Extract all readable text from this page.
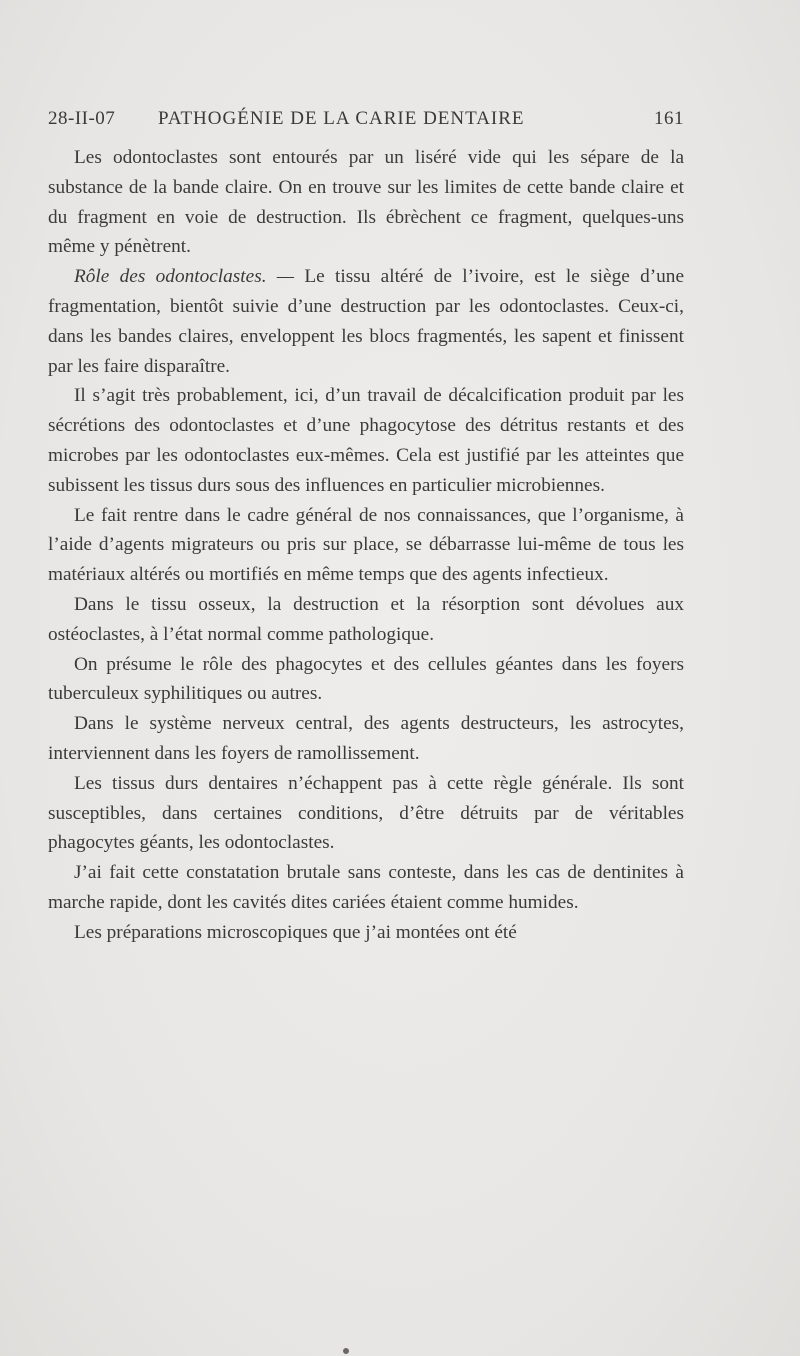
28-II-07 PATHOGÉNIE DE LA CARIE DENTAIRE	161

Les odontoclastes sont entourés par un liséré vide qui les sépare de la substance de la bande claire. On en trouve sur les limites de cette bande claire et du fragment en voie de destruction. Ils ébrèchent ce fragment, quelques-uns même y pénètrent.

Rôle des odontoclastes. — Le tissu altéré de l’ivoire, est le siège d’une fragmentation, bientôt suivie d’une destruction par les odontoclastes. Ceux-ci, dans les bandes claires, enveloppent les blocs fragmentés, les sapent et finissent par les faire disparaître.

Il s’agit très probablement, ici, d’un travail de décalcification produit par les sécrétions des odontoclastes et d’une phagocytose des détritus restants et des microbes par les odontoclastes eux-mêmes. Cela est justifié par les atteintes que subissent les tissus durs sous des influences en particulier microbiennes.

Le fait rentre dans le cadre général de nos connaissances, que l’organisme, à l’aide d’agents migrateurs ou pris sur place, se débarrasse lui-même de tous les matériaux altérés ou mortifiés en même temps que des agents infectieux.

Dans le tissu osseux, la destruction et la résorption sont dévolues aux ostéoclastes, à l’état normal comme pathologique.

On présume le rôle des phagocytes et des cellules géantes dans les foyers tuberculeux syphilitiques ou autres.

Dans le système nerveux central, des agents destructeurs, les astrocytes, interviennent dans les foyers de ramollissement.

Les tissus durs dentaires n’échappent pas à cette règle générale. Ils sont susceptibles, dans certaines conditions, d’être détruits par de véritables phagocytes géants, les odontoclastes.

J’ai fait cette constatation brutale sans conteste, dans les cas de dentinites à marche rapide, dont les cavités dites cariées étaient comme humides.

Les préparations microscopiques que j’ai montées ont été
